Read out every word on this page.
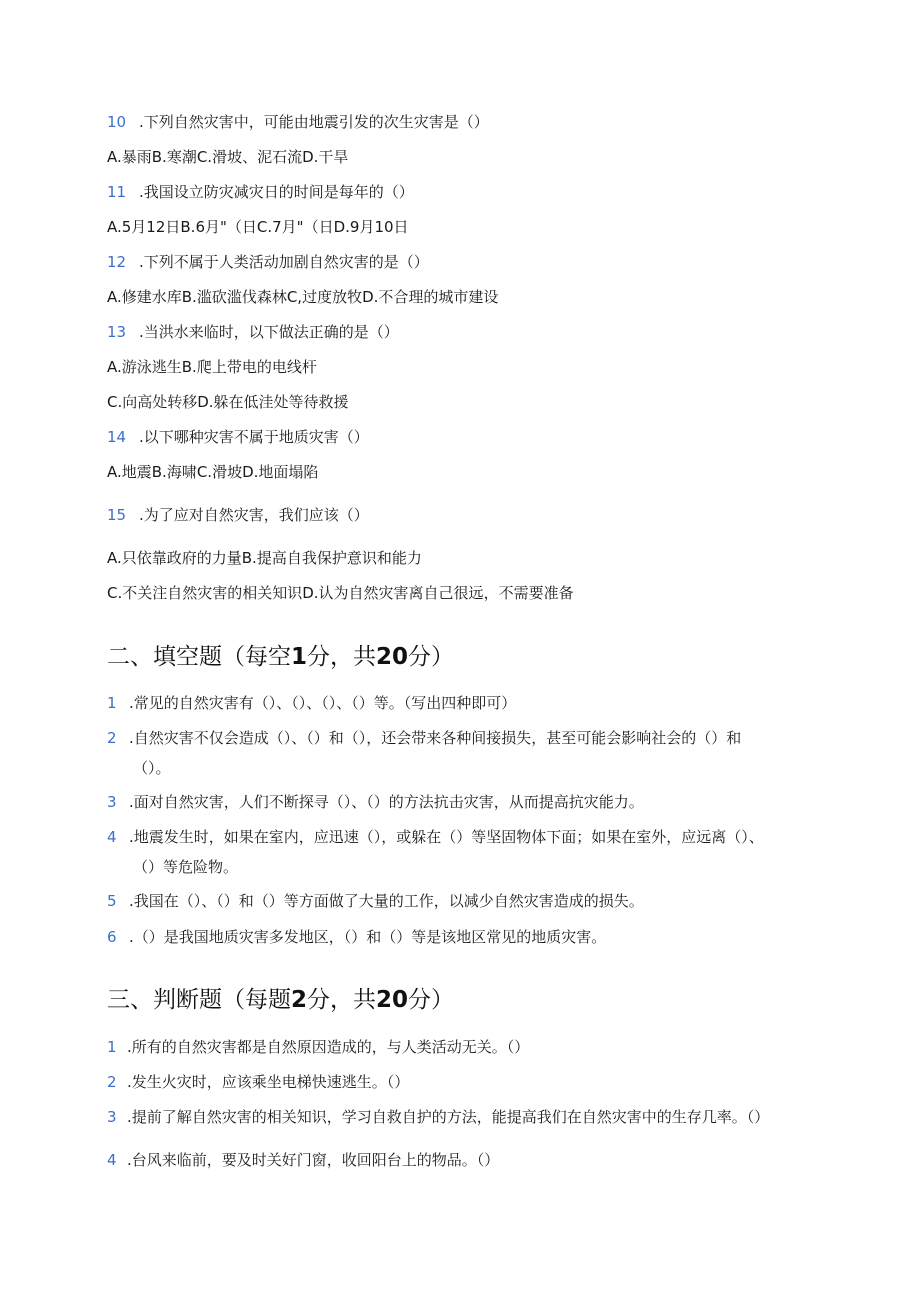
10 .下列自然灾害中，可能由地震引发的次生灾害是（）
A.暴雨B.寒潮C.滑坡、泥石流D.干旱
11 .我国设立防灾减灾日的时间是每年的（）
A.5月12日B.6月"（日C.7月"（日D.9月10日
12 .下列不属于人类活动加剧自然灾害的是（）
A.修建水库B.滥砍滥伐森林C,过度放牧D.不合理的城市建设
13 .当洪水来临时，以下做法正确的是（）
A.游泳逃生B.爬上带电的电线杆
C.向高处转移D.躲在低洼处等待救援
14 .以下哪种灾害不属于地质灾害（）
A.地震B.海啸C.滑坡D.地面塌陷
15 .为了应对自然灾害，我们应该（）
A.只依靠政府的力量B.提高自我保护意识和能力
C.不关注自然灾害的相关知识D.认为自然灾害离自己很远，不需要准备
二、填空题（每空1分，共20分）
1 .常见的自然灾害有（）、（）、（）、（）等。（写出四种即可）
2 .自然灾害不仅会造成（）、（）和（），还会带来各种间接损失，甚至可能会影响社会的（）和
（）。
3 .面对自然灾害，人们不断探寻（）、（）的方法抗击灾害，从而提高抗灾能力。
4 .地震发生时，如果在室内，应迅速（），或躲在（）等坚固物体下面；如果在室外，应远离（）、
（）等危险物。
5 .我国在（）、（）和（）等方面做了大量的工作，以减少自然灾害造成的损失。
6 .（）是我国地质灾害多发地区，（）和（）等是该地区常见的地质灾害。
三、判断题（每题2分，共20分）
1 .所有的自然灾害都是自然原因造成的，与人类活动无关。（）
2 .发生火灾时，应该乘坐电梯快速逃生。（）
3 .提前了解自然灾害的相关知识，学习自救自护的方法，能提高我们在自然灾害中的生存几率。（）
4 .台风来临前，要及时关好门窗，收回阳台上的物品。（）
